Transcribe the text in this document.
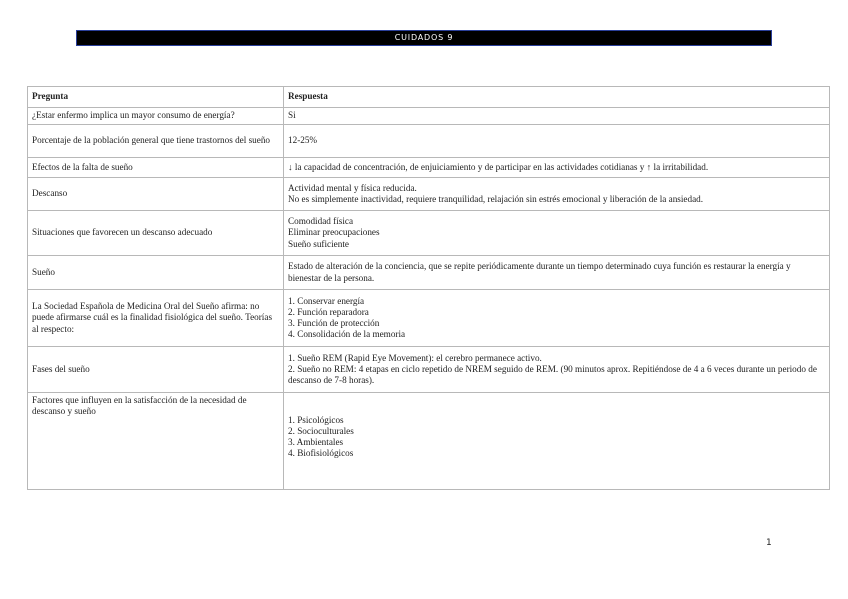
CUIDADOS 9
Pregunta	Respuesta
¿Estar enfermo implica un mayor consumo de energía?	Si

Porcentaje de la población general que tiene trastornos del sueño	12-25%

Efectos de la falta de sueño	↓ la capacidad de concentración, de enjuiciamiento y de participar en las actividades cotidianas y ↑ la irritabilidad.

Descanso	Actividad mental y física reducida.
No es simplemente inactividad, requiere tranquilidad, relajación sin estrés emocional y liberación de la ansiedad.

Situaciones que favorecen un descanso adecuado	Comodidad física
Eliminar preocupaciones
Sueño suficiente

Sueño	Estado de alteración de la conciencia, que se repite periódicamente durante un tiempo determinado cuya función es restaurar la energía y bienestar de la persona.

La Sociedad Española de Medicina Oral del Sueño afirma: no puede afirmarse cuál es la finalidad fisiológica del sueño. Teorías al respecto:	1. Conservar energía
2. Función reparadora
3. Función de protección
4. Consolidación de la memoria

Fases del sueño	1. Sueño REM (Rapid Eye Movement): el cerebro permanece activo.
2. Sueño no REM: 4 etapas en ciclo repetido de NREM seguido de REM. (90 minutos aprox. Repitiéndose de 4 a 6 veces durante un periodo de descanso de 7-8 horas).

Factores que influyen en la satisfacción de la necesidad de descanso y sueño	1. Psicológicos
2. Socioculturales
3. Ambientales
4. Biofisiológicos
1
